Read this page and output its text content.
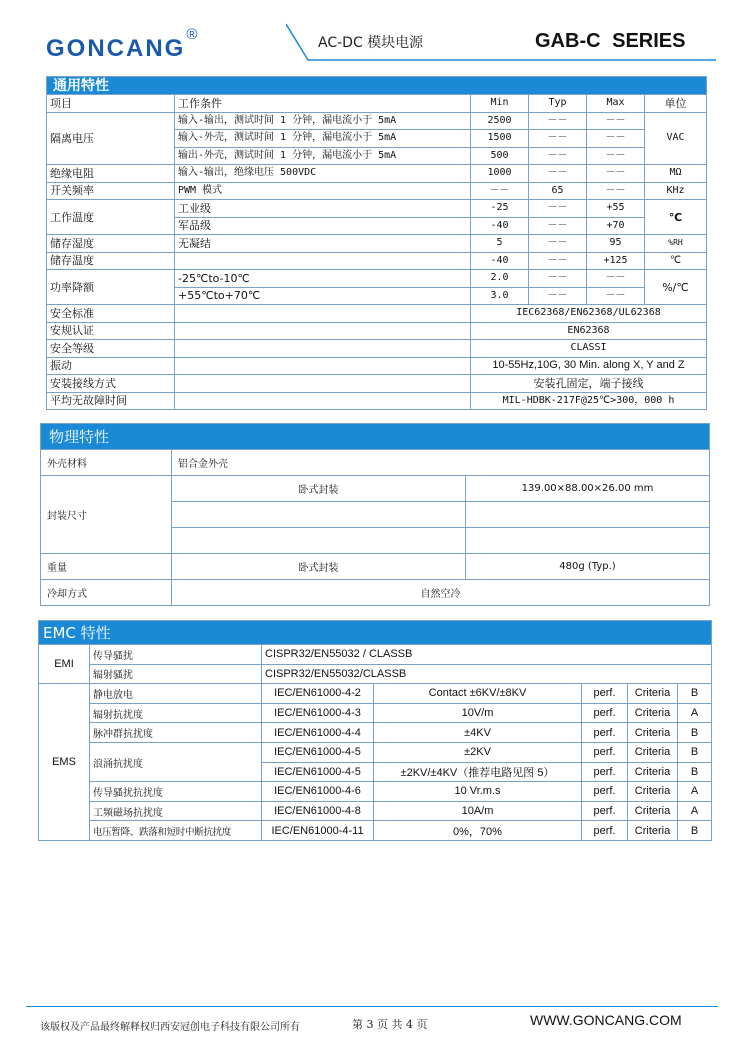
GONCANG®	AC-DC 模块电源	GAB-C SERIES
通用特性					
项目	工作条件	Min	Typ	Max	单位
隔离电压	输入-输出，测试时间 1 分钟，漏电流小于 5mA	2500	－－	－－	VAC
	输入-外壳，测试时间 1 分钟，漏电流小于 5mA	1500	－－	－－	
	输出-外壳，测试时间 1 分钟，漏电流小于 5mA	500	－－	－－	
绝缘电阻	输入-输出，绝缘电压 500VDC	1000	－－	－－	MΩ
开关频率	PWM 模式	－－	65	－－	KHz
工作温度	工业级	-25	－－	+55	℃
	军品级	-40	－－	+70	
储存湿度	无凝结	5	－－	95	%RH
储存温度		-40	－－	+125	℃
功率降额	-25℃to-10℃	2.0	－－	－－	%/℃
	+55℃to+70℃	3.0	－－	－－	
安全标准		IEC62368/EN62368/UL62368			
安规认证		EN62368			
安全等级		CLASSI			
振动		10-55Hz,10G, 30 Min. along X, Y and Z			
安装接线方式		安装孔固定，端子接线			
平均无故障时间		MIL-HDBK-217F@25℃>300，000 h			
物理特性		
外壳材料	铝合金外壳	
封装尺寸	卧式封装	139.00×88.00×26.00 mm

重量	卧式封装	480g (Typ.)
冷却方式	自然空冷	
EMC 特性						
EMI	传导骚扰	CISPR32/EN55032 / CLASSB				
	辐射骚扰	CISPR32/EN55032/CLASSB				
EMS	静电放电	IEC/EN61000-4-2	Contact ±6KV/±8KV	perf.	Criteria	B
	辐射抗扰度	IEC/EN61000-4-3	10V/m	perf.	Criteria	A
	脉冲群抗扰度	IEC/EN61000-4-4	±4KV	perf.	Criteria	B
	浪涌抗扰度	IEC/EN61000-4-5	±2KV	perf.	Criteria	B
		IEC/EN61000-4-5	±2KV/±4KV（推荐电路见图 5）	perf.	Criteria	B
	传导骚扰抗扰度	IEC/EN61000-4-6	10 Vr.m.s	perf.	Criteria	A
	工频磁场抗扰度	IEC/EN61000-4-8	10A/m	perf.	Criteria	A
	电压暂降、跌落和短时中断抗扰度	IEC/EN61000-4-11	0%，70%	perf.	Criteria	B
该版权及产品最终解释权归西安冠创电子科技有限公司所有	第 3 页 共 4 页	WWW.GONCANG.COM
